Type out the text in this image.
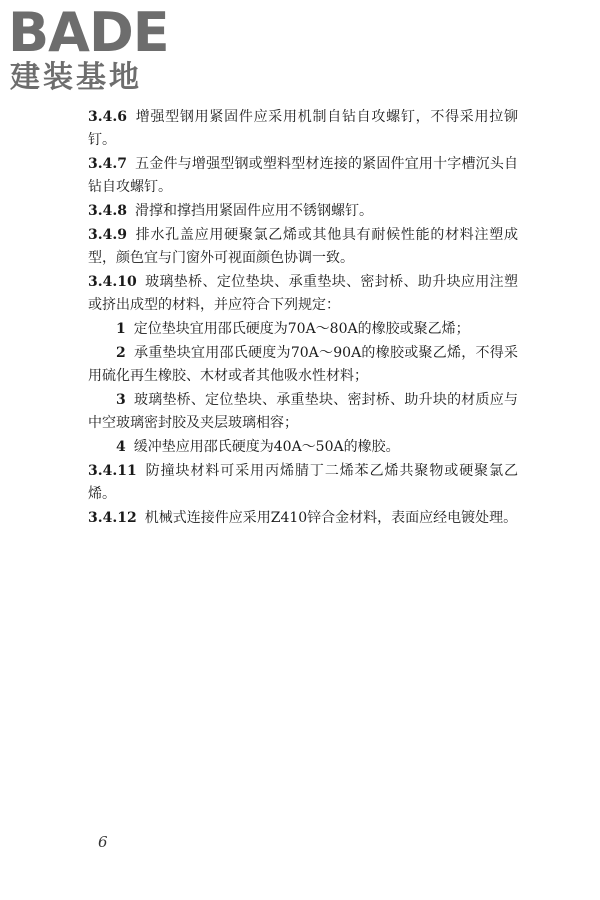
BADE
建装基地

3.4.6 增强型钢用紧固件应采用机制自钻自攻螺钉，不得采用拉铆钉。

3.4.7 五金件与增强型钢或塑料型材连接的紧固件宜用十字槽沉头自钻自攻螺钉。

3.4.8 滑撑和撑挡用紧固件应用不锈钢螺钉。

3.4.9 排水孔盖应用硬聚氯乙烯或其他具有耐候性能的材料注塑成型，颜色宜与门窗外可视面颜色协调一致。

3.4.10 玻璃垫桥、定位垫块、承重垫块、密封桥、助升块应用注塑或挤出成型的材料，并应符合下列规定：

1 定位垫块宜用邵氏硬度为70A～80A的橡胶或聚乙烯；

2 承重垫块宜用邵氏硬度为70A～90A的橡胶或聚乙烯，不得采用硫化再生橡胶、木材或者其他吸水性材料；

3 玻璃垫桥、定位垫块、承重垫块、密封桥、助升块的材质应与中空玻璃密封胶及夹层玻璃相容；

4 缓冲垫应用邵氏硬度为40A～50A的橡胶。

3.4.11 防撞块材料可采用丙烯腈丁二烯苯乙烯共聚物或硬聚氯乙烯。

3.4.12 机械式连接件应采用Z410锌合金材料，表面应经电镀处理。

6
